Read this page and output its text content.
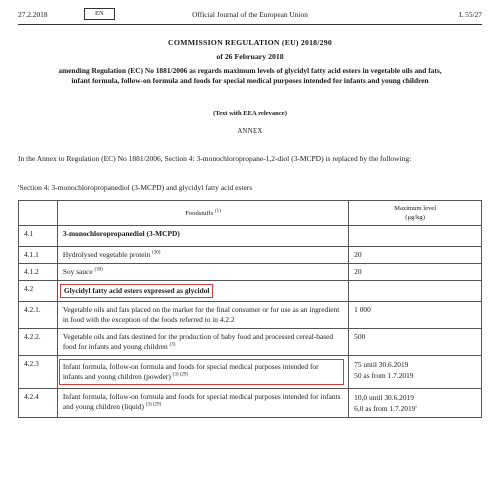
27.2.2018	EN	Official Journal of the European Union	L 55/27
COMMISSION REGULATION (EU) 2018/290
of 26 February 2018
amending Regulation (EC) No 1881/2006 as regards maximum levels of glycidyl fatty acid esters in vegetable oils and fats, infant formula, follow-on formula and foods for special medical purposes intended for infants and young children
(Text with EEA relevance)
ANNEX
In the Annex to Regulation (EC) No 1881/2006, Section 4: 3-monochloropropane-1,2-diol (3-MCPD) is replaced by the following:
'Section 4: 3-monochloropropanediol (3-MCPD) and glycidyl fatty acid esters

	Foodstuffs $^{(1)}$	Maximum level
(μg/kg)

4.1	3-monochloropropanediol (3-MCPD)	

4.1.1	Hydrolysed vegetable protein $^{(30)}$	20

4.1.2	Soy sauce $^{(30)}$	20

4.2	Glycidyl fatty acid esters expressed as glycidol	

4.2.1.	Vegetable oils and fats placed on the market for the final consumer or for use as an ingredient in food with the exception of the foods referred to in 4.2.2	1 000

4.2.2.	Vegetable oils and fats destined for the production of baby food and processed cereal-based food for infants and young children $^{(3)}$	500

4.2.3	Infant formula, follow-on formula and foods for special medical purposes intended for infants and young children (powder) $^{(3) (29)}$	75 until 30.6.2019
50 as from 1.7.2019

4.2.4	Infant formula, follow-on formula and foods for special medical purposes intended for infants and young children (liquid) $^{(3) (29)}$	10,0 until 30.6.2019
6,0 as from 1.7.2019'
